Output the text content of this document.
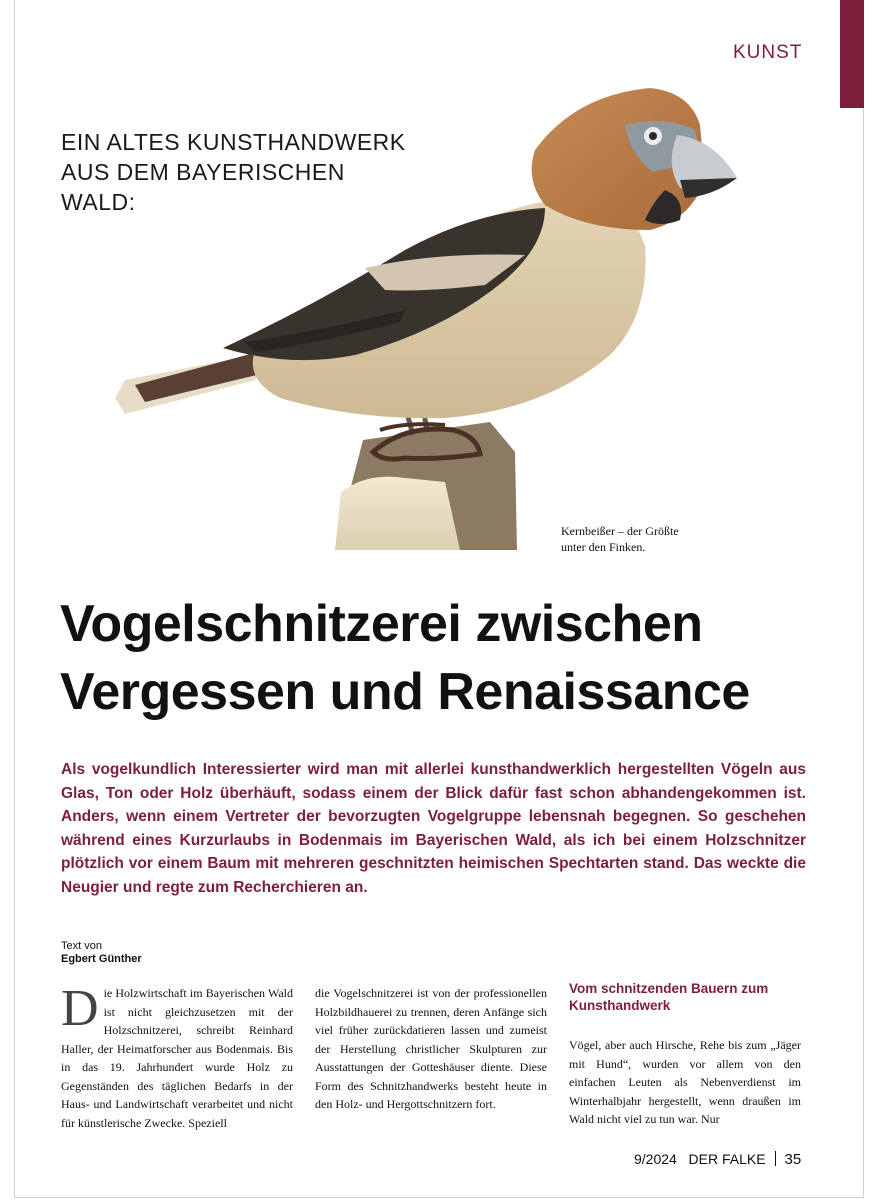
KUNST
EIN ALTES KUNSTHANDWERK
AUS DEM BAYERISCHEN
WALD:
Kernbeißer – der Größte
unter den Finken.
Vogelschnitzerei zwischen
Vergessen und Renaissance

Als vogelkundlich Interessierter wird man mit allerlei kunsthandwerklich hergestellten Vögeln aus Glas, Ton oder Holz überhäuft, sodass einem der Blick dafür fast schon abhandengekommen ist. Anders, wenn einem Vertreter der bevorzugten Vogelgruppe lebensnah begegnen. So geschehen während eines Kurzurlaubs in Bodenmais im Bayerischen Wald, als ich bei einem Holzschnitzer plötzlich vor einem Baum mit mehreren geschnitzten heimischen Spechtarten stand. Das weckte die Neugier und regte zum Recherchieren an.

Text von
Egbert Günther
Die Holzwirtschaft im Bayerischen Wald ist nicht gleichzusetzen mit der Holzschnitzerei, schreibt Reinhard Haller, der Heimatforscher aus Bodenmais. Bis in das 19. Jahrhundert wurde Holz zu Gegenständen des täglichen Bedarfs in der Haus- und Landwirtschaft verarbeitet und nicht für künstlerische Zwecke. Speziell
die Vogelschnitzerei ist von der professionellen Holzbildhauerei zu trennen, deren Anfänge sich viel früher zurückdatieren lassen und zumeist der Herstellung christlicher Skulpturen zur Ausstattungen der Gotteshäuser diente. Diese Form des Schnitzhandwerks besteht heute in den Holz- und Hergottschnitzern fort.
Vom schnitzenden Bauern zum Kunsthandwerk
Vögel, aber auch Hirsche, Rehe bis zum „Jäger mit Hund“, wurden vor allem von den einfachen Leuten als Nebenverdienst im Winterhalbjahr hergestellt, wenn draußen im Wald nicht viel zu tun war. Nur
9/2024 DER FALKE 35
